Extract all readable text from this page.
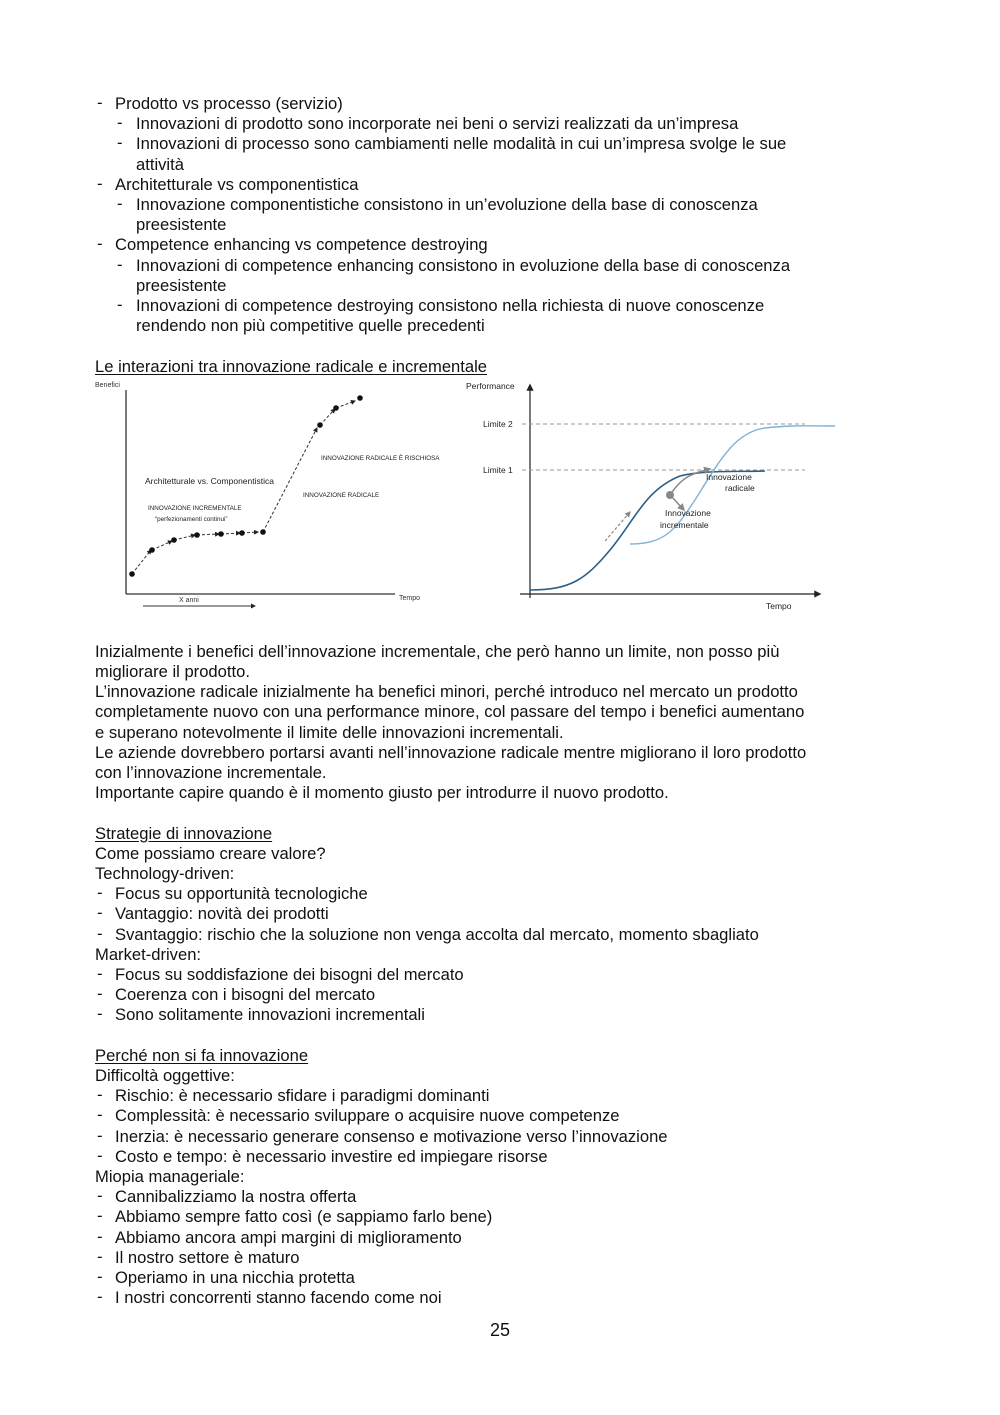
- Prodotto vs processo (servizio)
- Innovazioni di prodotto sono incorporate nei beni o servizi realizzati da un’impresa
- Innovazioni di processo sono cambiamenti nelle modalità in cui un’impresa svolge le sue
attività
- Architetturale vs componentistica
- Innovazione componentistiche consistono in un’evoluzione della base di conoscenza
preesistente
- Competence enhancing vs competence destroying
- Innovazioni di competence enhancing consistono in evoluzione della base di conoscenza
preesistente
- Innovazioni di competence destroying consistono nella richiesta di nuove conoscenze
rendendo non più competitive quelle precedenti
Le interazioni tra innovazione radicale e incrementale
Benefici
Tempo
X anni
Architetturale vs. Componentistica
INNOVAZIONE INCREMENTALE
“perfezionamenti continui”
INNOVAZIONE RADICALE
INNOVAZIONE RADICALE È RISCHIOSA
Performance
Tempo
Limite 2
Limite 1
Innovazione
radicale
Innovazione
incrementale
Inizialmente i benefici dell’innovazione incrementale, che però hanno un limite, non posso più
migliorare il prodotto.
L’innovazione radicale inizialmente ha benefici minori, perché introduco nel mercato un prodotto
completamente nuovo con una performance minore, col passare del tempo i benefici aumentano
e superano notevolmente il limite delle innovazioni incrementali.
Le aziende dovrebbero portarsi avanti nell’innovazione radicale mentre migliorano il loro prodotto
con l’innovazione incrementale.
Importante capire quando è il momento giusto per introdurre il nuovo prodotto.
Strategie di innovazione
Come possiamo creare valore?
Technology-driven:
- Focus su opportunità tecnologiche
- Vantaggio: novità dei prodotti
- Svantaggio: rischio che la soluzione non venga accolta dal mercato, momento sbagliato
Market-driven:
- Focus su soddisfazione dei bisogni del mercato
- Coerenza con i bisogni del mercato
- Sono solitamente innovazioni incrementali
Perché non si fa innovazione
Difficoltà oggettive:
- Rischio: è necessario sfidare i paradigmi dominanti
- Complessità: è necessario sviluppare o acquisire nuove competenze
- Inerzia: è necessario generare consenso e motivazione verso l’innovazione
- Costo e tempo: è necessario investire ed impiegare risorse
Miopia manageriale:
- Cannibalizziamo la nostra offerta
- Abbiamo sempre fatto così (e sappiamo farlo bene)
- Abbiamo ancora ampi margini di miglioramento
- Il nostro settore è maturo
- Operiamo in una nicchia protetta
- I nostri concorrenti stanno facendo come noi
25
